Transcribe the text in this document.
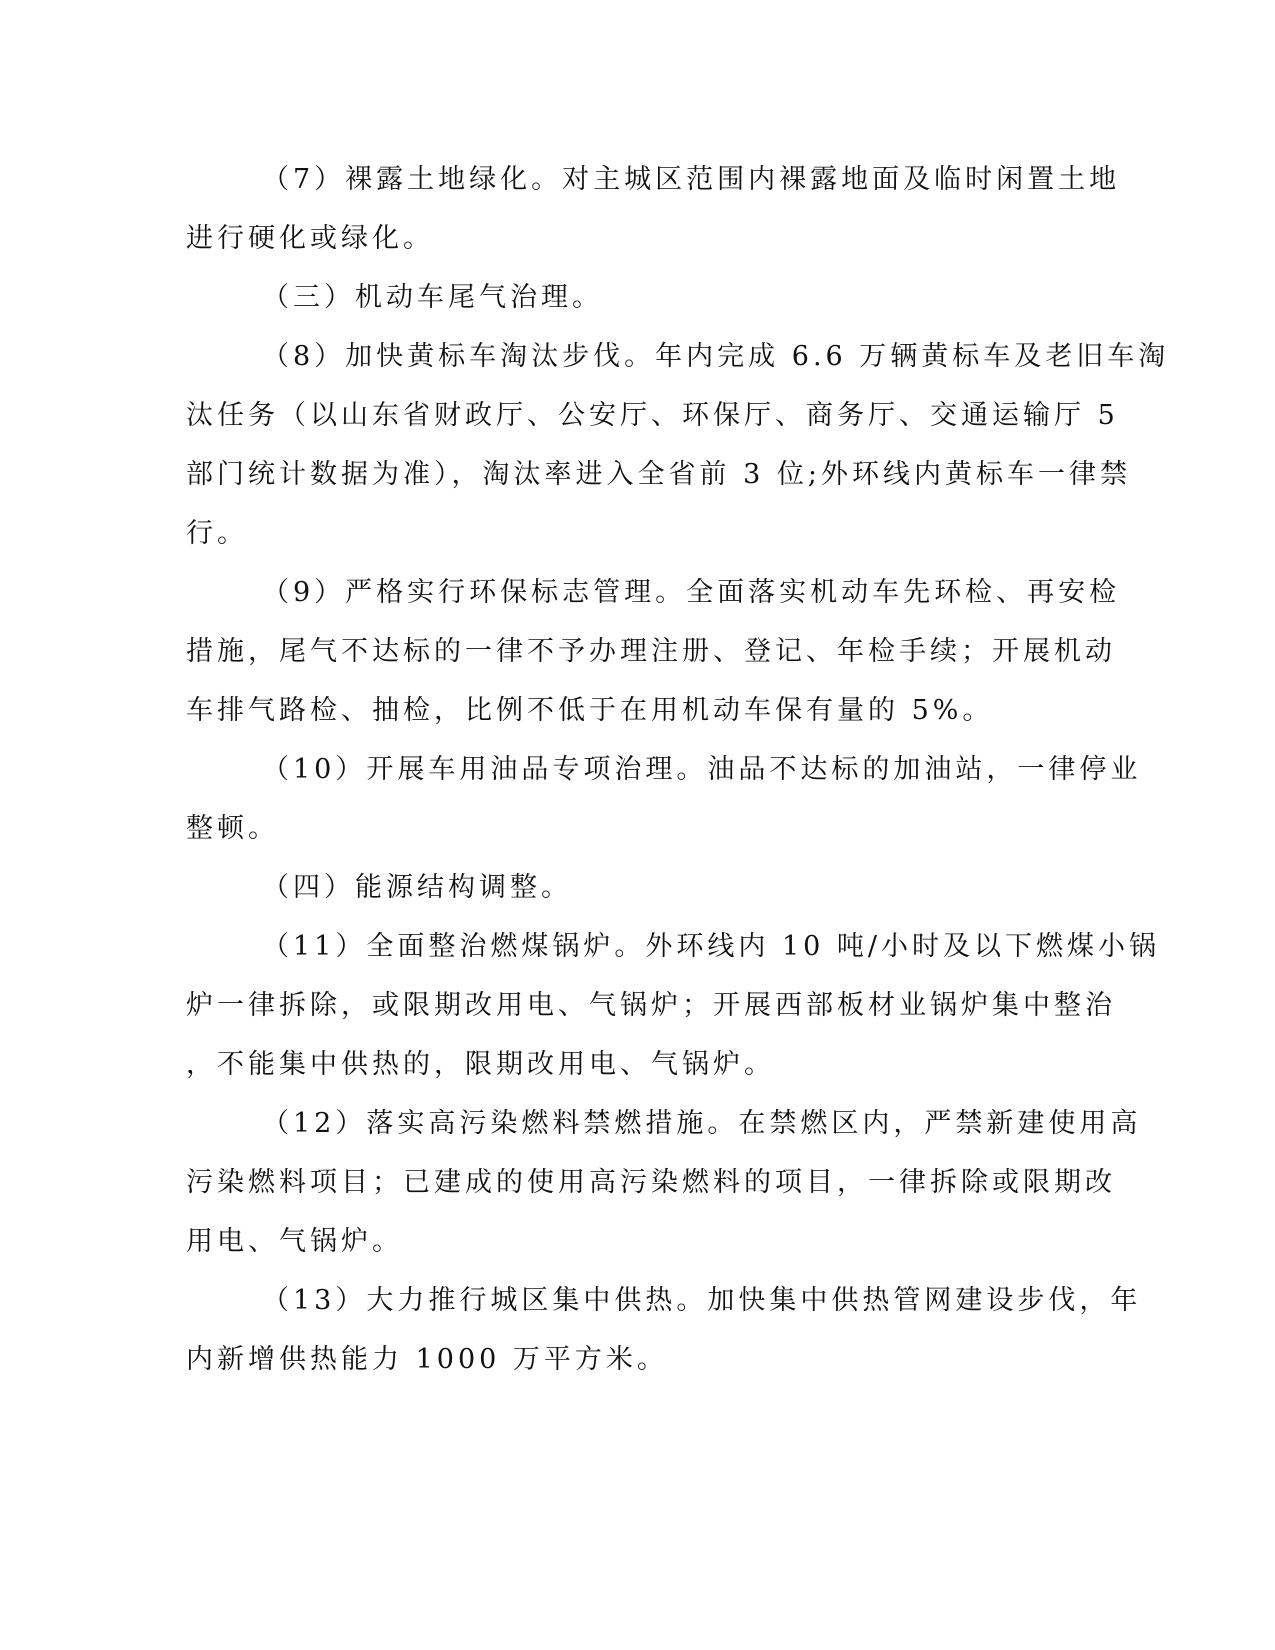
（7）裸露土地绿化。对主城区范围内裸露地面及临时闲置土地
进行硬化或绿化。
（三）机动车尾气治理。
（8）加快黄标车淘汰步伐。年内完成 6.6 万辆黄标车及老旧车淘
汰任务（以山东省财政厅、公安厅、环保厅、商务厅、交通运输厅 5
部门统计数据为准），淘汰率进入全省前 3 位;外环线内黄标车一律禁
行。
（9）严格实行环保标志管理。全面落实机动车先环检、再安检
措施，尾气不达标的一律不予办理注册、登记、年检手续；开展机动
车排气路检、抽检，比例不低于在用机动车保有量的 5%。
（10）开展车用油品专项治理。油品不达标的加油站，一律停业
整顿。
（四）能源结构调整。
（11）全面整治燃煤锅炉。外环线内 10 吨/小时及以下燃煤小锅
炉一律拆除，或限期改用电、气锅炉；开展西部板材业锅炉集中整治
，不能集中供热的，限期改用电、气锅炉。
（12）落实高污染燃料禁燃措施。在禁燃区内，严禁新建使用高
污染燃料项目；已建成的使用高污染燃料的项目，一律拆除或限期改
用电、气锅炉。
（13）大力推行城区集中供热。加快集中供热管网建设步伐，年
内新增供热能力 1000 万平方米。
